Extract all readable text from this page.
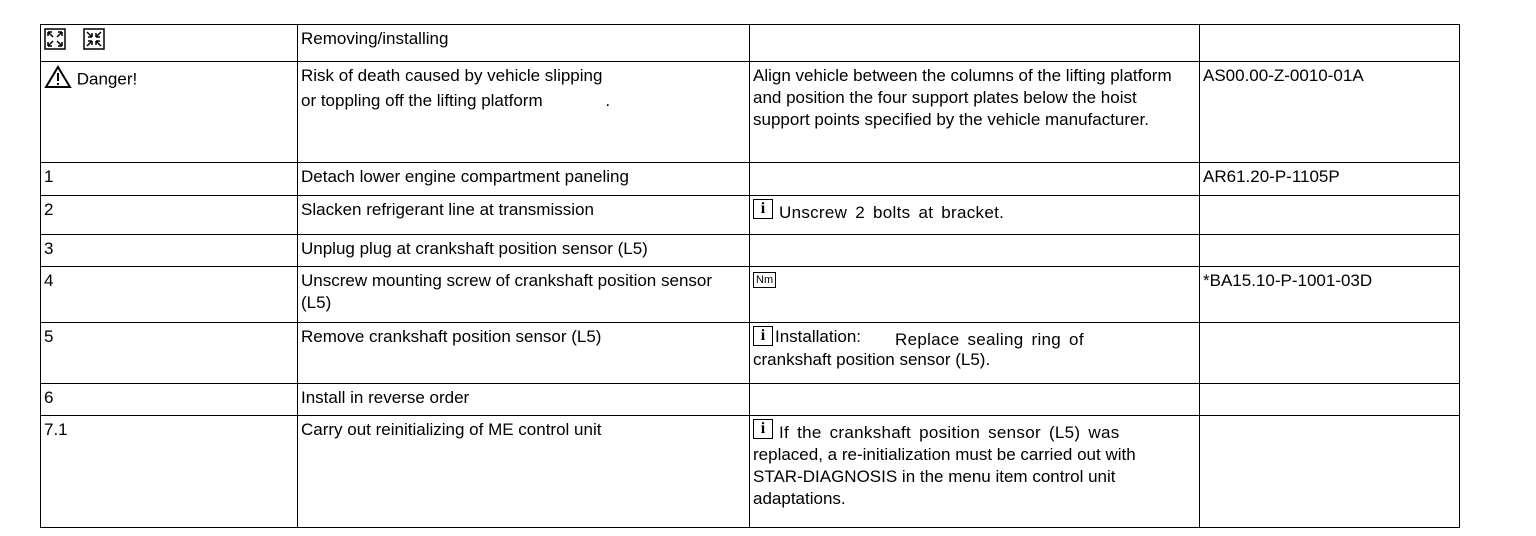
	Removing/installing		
Danger!	Risk of death caused by vehicle slipping
or toppling off the lifting platform .	Align vehicle between the columns of the lifting platform and position the four support plates below the hoist support points specified by the vehicle manufacturer.	AS00.00-Z-0010-01A
1	Detach lower engine compartment paneling		AR61.20-P-1105P
2	Slacken refrigerant line at transmission	i Unscrew 2 bolts at bracket.	
3	Unplug plug at crankshaft position sensor (L5)		
4	Unscrew mounting screw of crankshaft position sensor (L5)	Nm	*BA15.10-P-1001-03D
5	Remove crankshaft position sensor (L5)	i Installation: Replace sealing ring of
crankshaft position sensor (L5).	

6	Install in reverse order		
7.1	Carry out reinitializing of ME control unit	i If the crankshaft position sensor (L5) was
replaced, a re-initialization must be carried out with STAR-DIAGNOSIS in the menu item control unit adaptations.	
